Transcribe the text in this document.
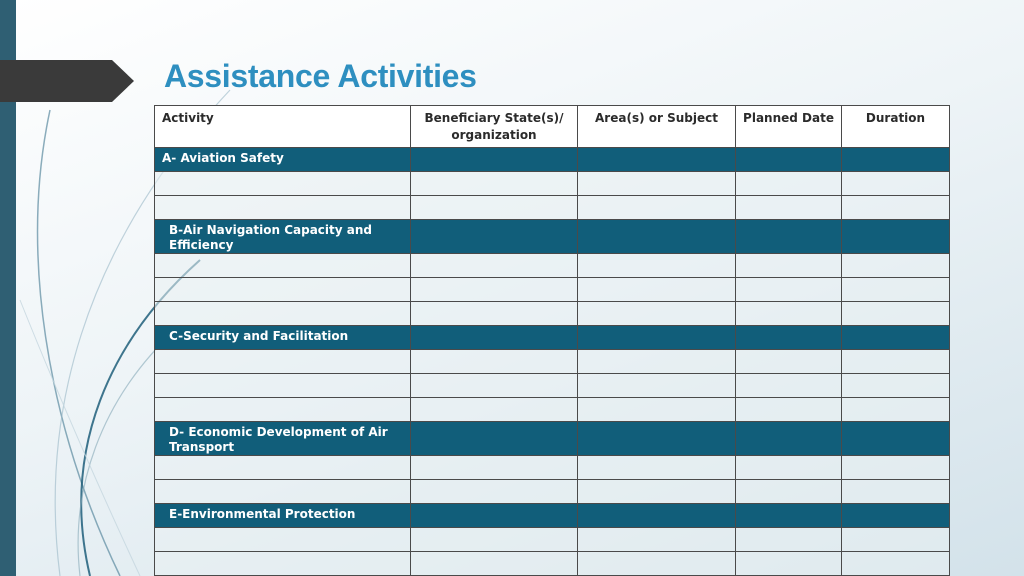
Assistance Activities
Activity	Beneficiary State(s)/ organization	Area(s) or Subject	Planned Date	Duration
A- Aviation Safety				

B-Air Navigation Capacity and Efficiency				

C-Security and Facilitation				

D- Economic Development of Air Transport				

E-Environmental Protection				
